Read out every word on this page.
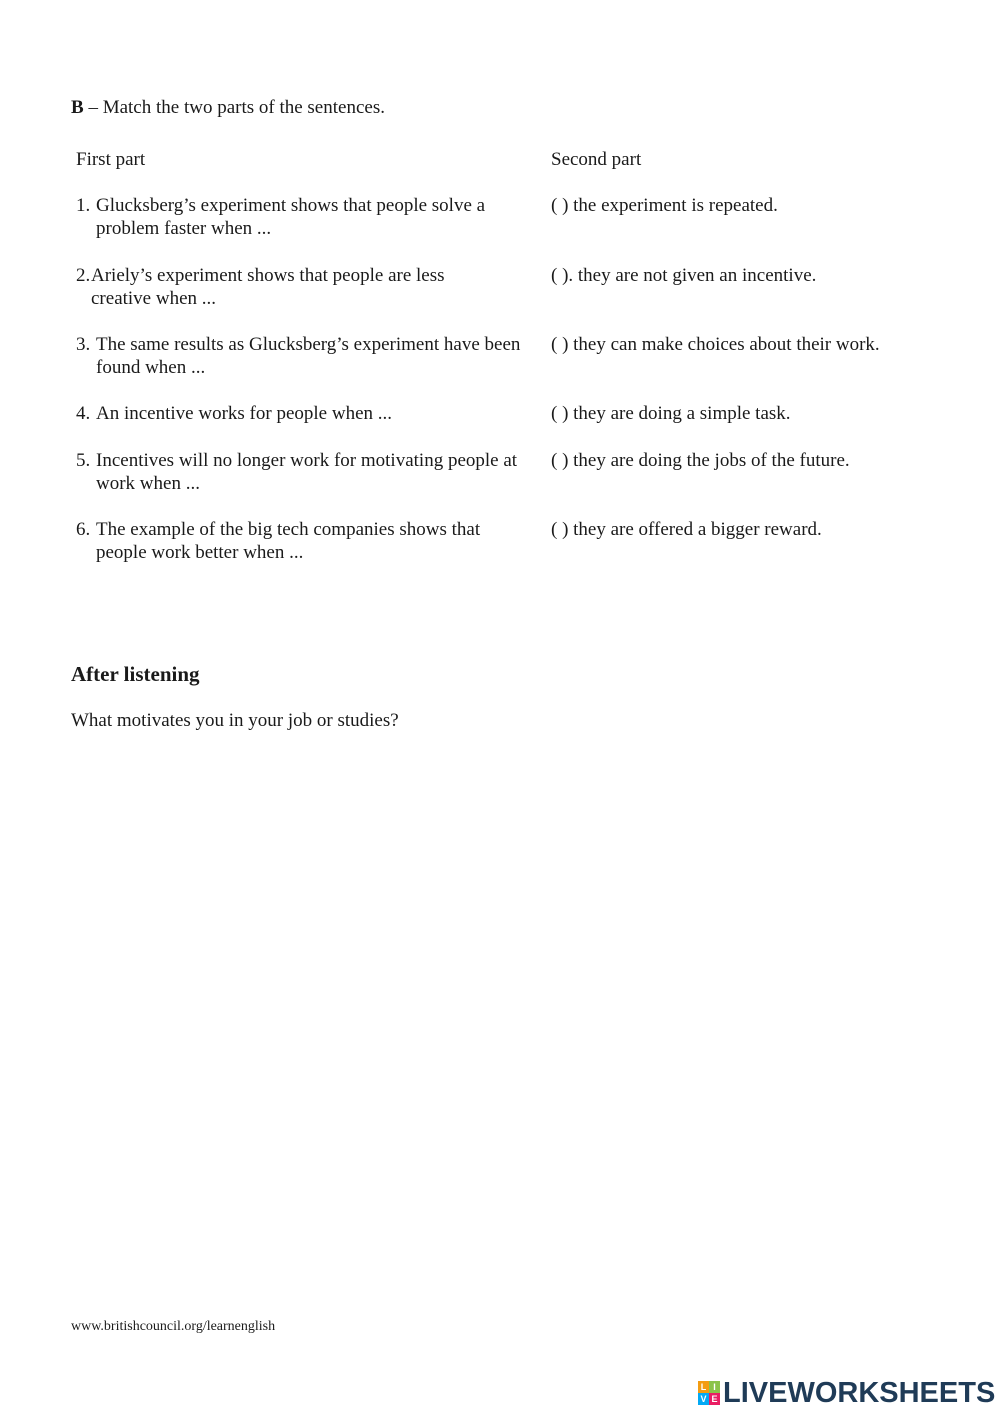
B – Match the two parts of the sentences.

First part	Second part
1. Glucksberg’s experiment shows that people solve a problem faster when ...
( ) the experiment is repeated.
2. Ariely’s experiment shows that people are less creative when ...
( ). they are not given an incentive.
3. The same results as Glucksberg’s experiment have been found when ...
( ) they can make choices about their work.
4. An incentive works for people when ...	( ) they are doing a simple task.
5. Incentives will no longer work for motivating people at work when ...
( ) they are doing the jobs of the future.
6. The example of the big tech companies shows that people work better when ...
( ) they are offered a bigger reward.
After listening
What motivates you in your job or studies?
www.britishcouncil.org/learnenglish
L I
V E LIVEWORKSHEETS
